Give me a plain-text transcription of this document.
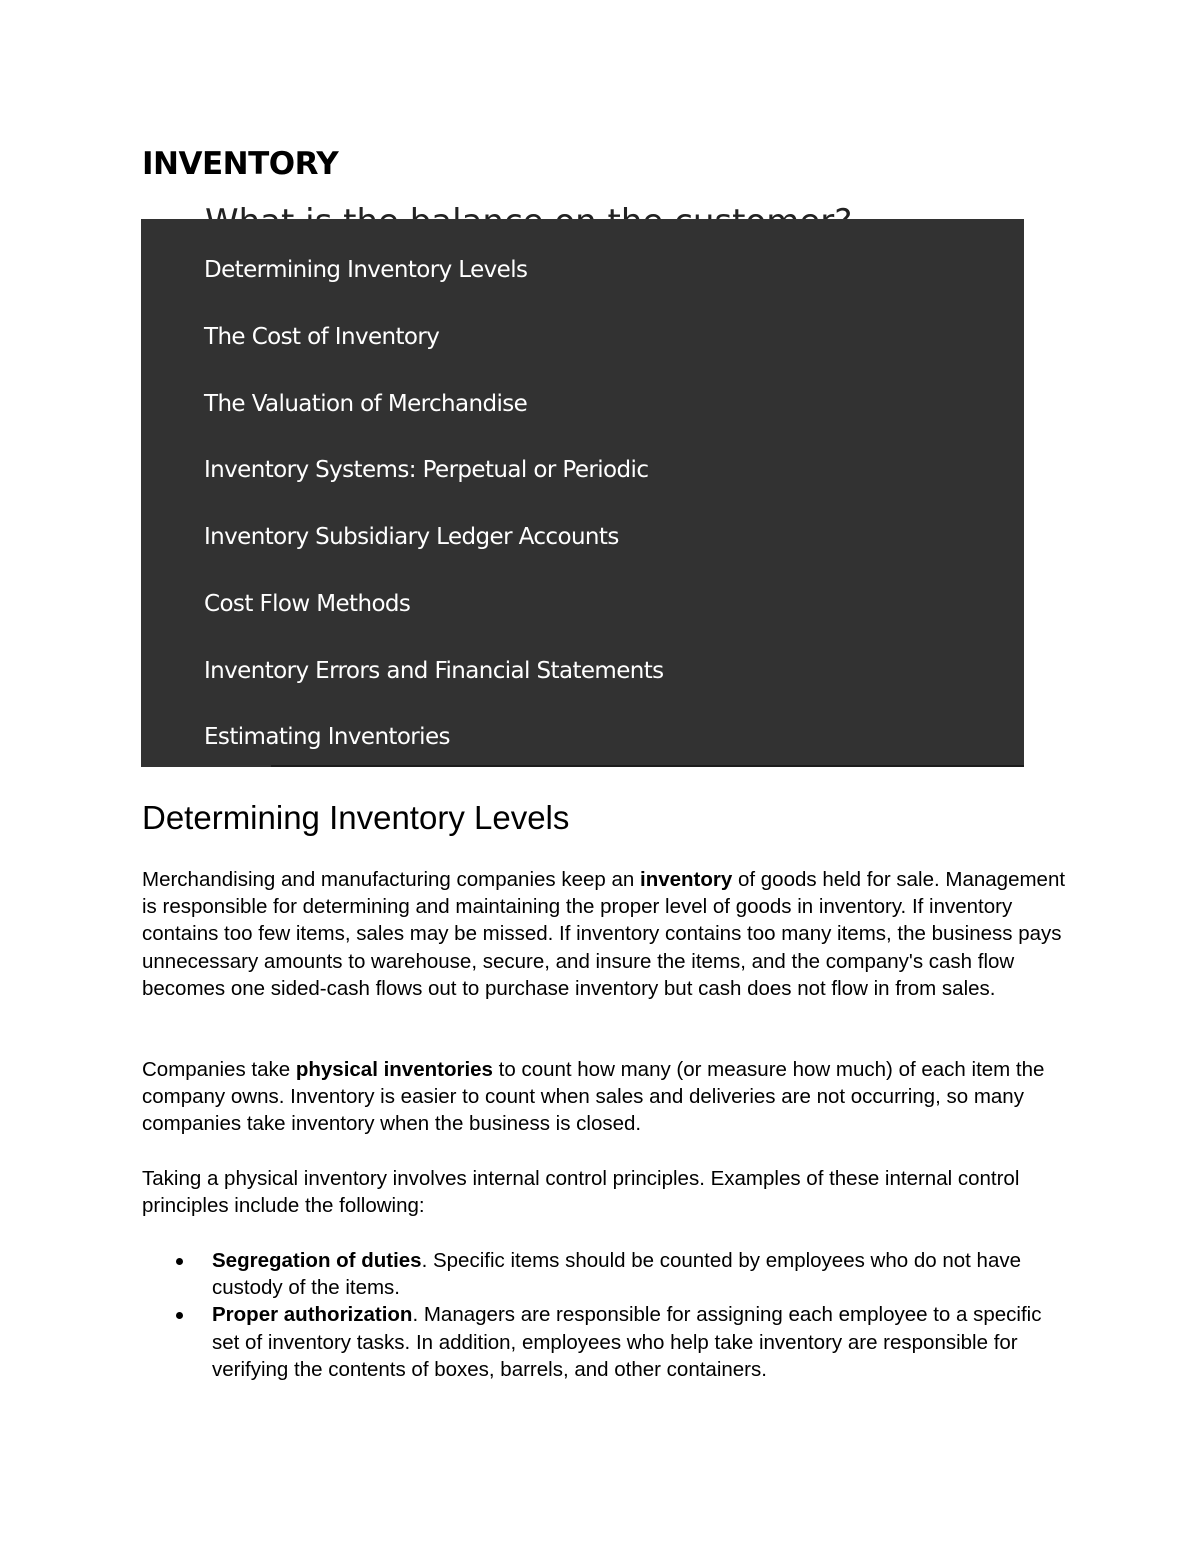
INVENTORY
Determining Inventory Levels
The Cost of Inventory
The Valuation of Merchandise
Inventory Systems: Perpetual or Periodic
Inventory Subsidiary Ledger Accounts
Cost Flow Methods
Inventory Errors and Financial Statements
Estimating Inventories
Determining Inventory Levels

Merchandising and manufacturing companies keep an inventory of goods held for sale. Management is responsible for determining and maintaining the proper level of goods in inventory. If inventory contains too few items, sales may be missed. If inventory contains too many items, the business pays unnecessary amounts to warehouse, secure, and insure the items, and the company's cash flow becomes one sided-cash flows out to purchase inventory but cash does not flow in from sales.

Companies take physical inventories to count how many (or measure how much) of each item the company owns. Inventory is easier to count when sales and deliveries are not occurring, so many companies take inventory when the business is closed.

Taking a physical inventory involves internal control principles. Examples of these internal control principles include the following:

Segregation of duties. Specific items should be counted by employees who do not have custody of the items.
Proper authorization. Managers are responsible for assigning each employee to a specific set of inventory tasks. In addition, employees who help take inventory are responsible for verifying the contents of boxes, barrels, and other containers.
